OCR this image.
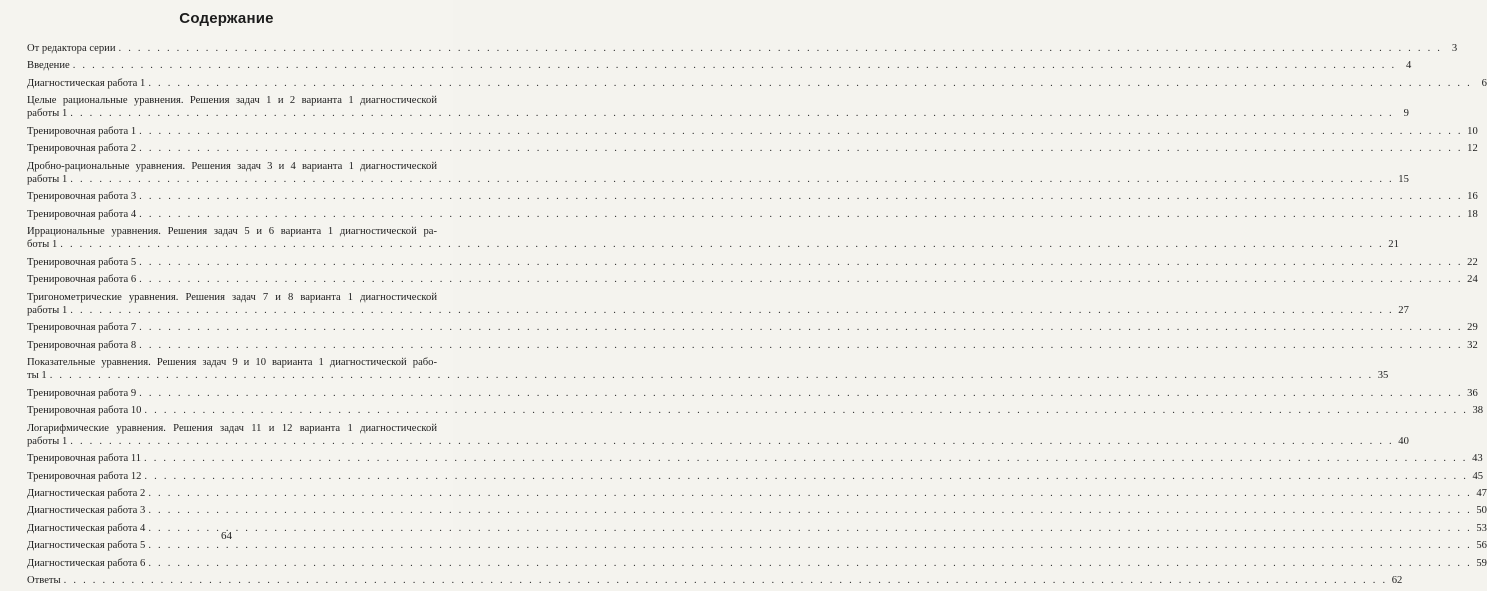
Содержание
От редактора серии . . .	3
Введение . . .	4
Диагностическая работа 1 . . .	6
Целые рациональные уравнения. Решения задач 1 и 2 варианта 1 диагностической
работы 1 . . .	9
Тренировочная работа 1 . . .	10
Тренировочная работа 2 . . .	12
Дробно-рациональные уравнения. Решения задач 3 и 4 варианта 1 диагностической
работы 1 . . .	15
Тренировочная работа 3 . . .	16
Тренировочная работа 4 . . .	18
Иррациональные уравнения. Решения задач 5 и 6 варианта 1 диагностической ра-
боты 1 . . .	21
Тренировочная работа 5 . . .	22
Тренировочная работа 6 . . .	24
Тригонометрические уравнения. Решения задач 7 и 8 варианта 1 диагностической
работы 1 . . .	27
Тренировочная работа 7 . . .	29
Тренировочная работа 8 . . .	32
Показательные уравнения. Решения задач 9 и 10 варианта 1 диагностической рабо-
ты 1 . . .	35
Тренировочная работа 9 . . .	36
Тренировочная работа 10 . . .	38
Логарифмические уравнения. Решения задач 11 и 12 варианта 1 диагностической
работы 1 . . .	40
Тренировочная работа 11 . . .	43
Тренировочная работа 12 . . .	45
Диагностическая работа 2 . . .	47
Диагностическая работа 3 . . .	50
Диагностическая работа 4 . . .	53
Диагностическая работа 5 . . .	56
Диагностическая работа 6 . . .	59
Ответы . . .	62
64
